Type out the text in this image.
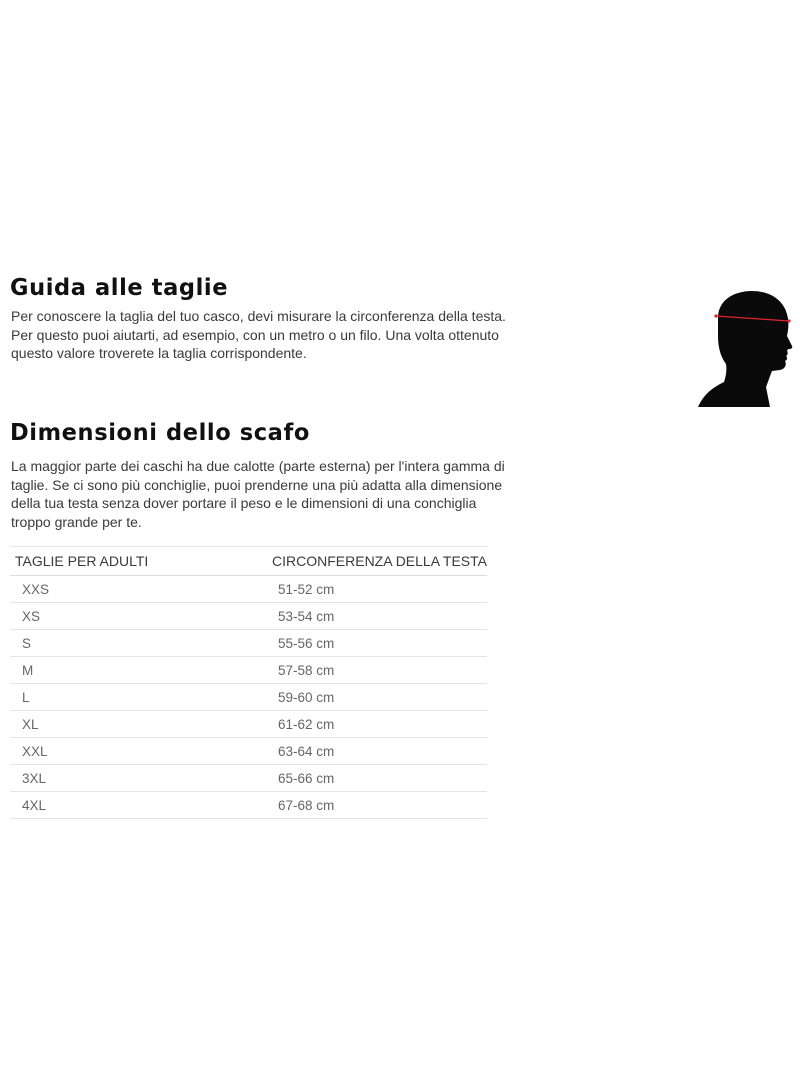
Guida alle taglie

Per conoscere la taglia del tuo casco, devi misurare la circonferenza della testa. Per questo puoi aiutarti, ad esempio, con un metro o un filo. Una volta ottenuto questo valore troverete la taglia corrispondente.

Dimensioni dello scafo

La maggior parte dei caschi ha due calotte (parte esterna) per l'intera gamma di taglie. Se ci sono più conchiglie, puoi prenderne una più adatta alla dimensione della tua testa senza dover portare il peso e le dimensioni di una conchiglia troppo grande per te.

TAGLIE PER ADULTI	CIRCONFERENZA DELLA TESTA
XXS	51-52 cm
XS	53-54 cm
S	55-56 cm
M	57-58 cm
L	59-60 cm
XL	61-62 cm
XXL	63-64 cm
3XL	65-66 cm
4XL	67-68 cm
